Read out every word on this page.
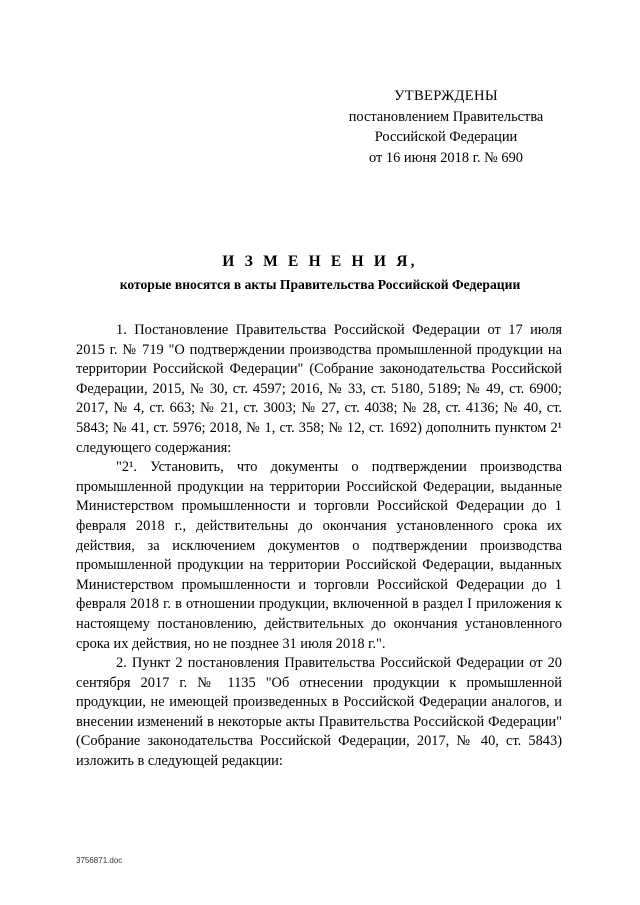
УТВЕРЖДЕНЫ
постановлением Правительства
Российской Федерации
от 16 июня 2018 г. № 690
И З М Е Н Е Н И Я,
которые вносятся в акты Правительства Российской Федерации

1. Постановление Правительства Российской Федерации от 17 июля 2015 г. № 719 "О подтверждении производства промышленной продукции на территории Российской Федерации" (Собрание законодательства Российской Федерации, 2015, № 30, ст. 4597; 2016, № 33, ст. 5180, 5189; № 49, ст. 6900; 2017, № 4, ст. 663; № 21, ст. 3003; № 27, ст. 4038; № 28, ст. 4136; № 40, ст. 5843; № 41, ст. 5976; 2018, № 1, ст. 358; № 12, ст. 1692) дополнить пунктом 2¹ следующего содержания:

"2¹. Установить, что документы о подтверждении производства промышленной продукции на территории Российской Федерации, выданные Министерством промышленности и торговли Российской Федерации до 1 февраля 2018 г., действительны до окончания установленного срока их действия, за исключением документов о подтверждении производства промышленной продукции на территории Российской Федерации, выданных Министерством промышленности и торговли Российской Федерации до 1 февраля 2018 г. в отношении продукции, включенной в раздел I приложения к настоящему постановлению, действительных до окончания установленного срока их действия, но не позднее 31 июля 2018 г.".

2. Пункт 2 постановления Правительства Российской Федерации от 20 сентября 2017 г. № 1135 "Об отнесении продукции к промышленной продукции, не имеющей произведенных в Российской Федерации аналогов, и внесении изменений в некоторые акты Правительства Российской Федерации" (Собрание законодательства Российской Федерации, 2017, № 40, ст. 5843) изложить в следующей редакции:

3756871.doc
